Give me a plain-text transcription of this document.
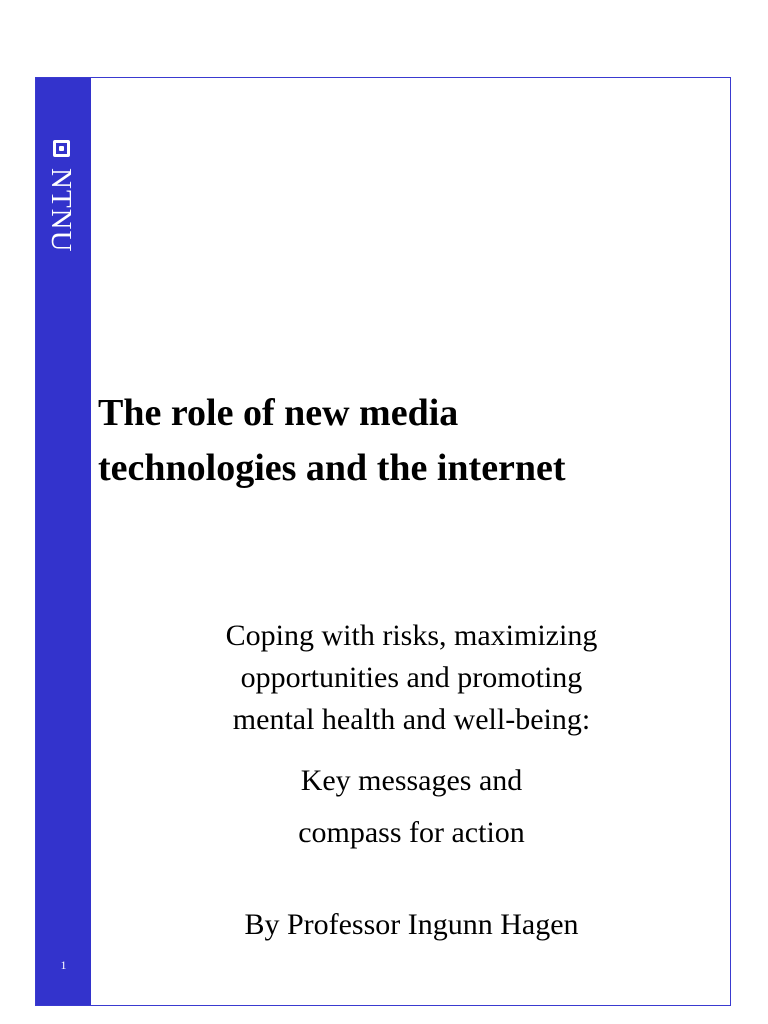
NTNU
1
The role of new media
technologies and the internet
Coping with risks, maximizing
opportunities and promoting
mental health and well-being:
Key messages and
compass for action
By Professor Ingunn Hagen
